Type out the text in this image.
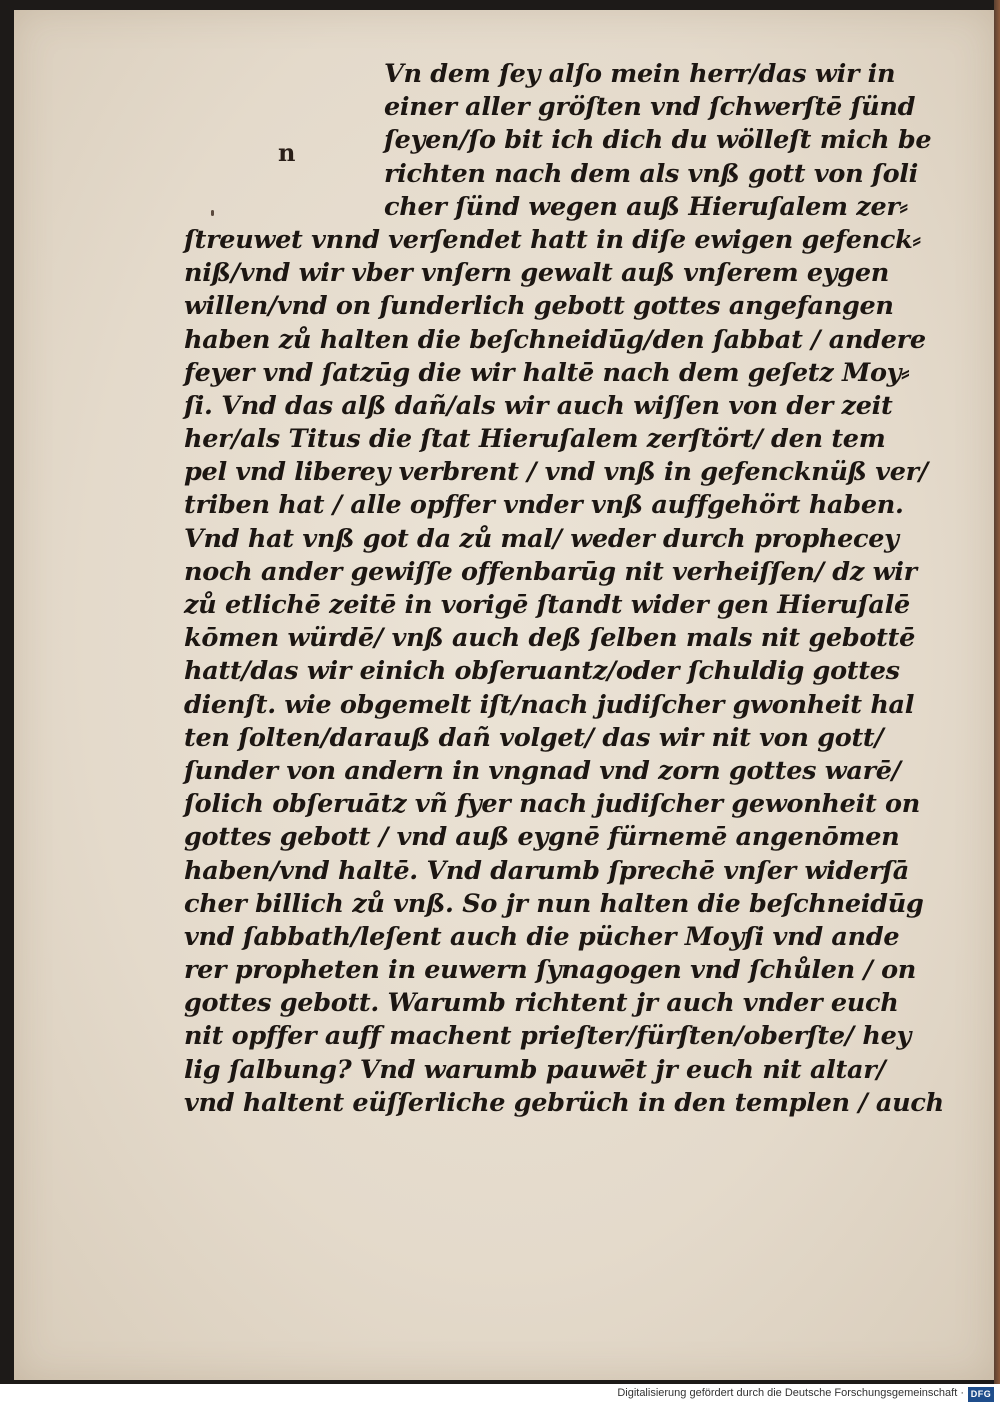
n
Vn dem ſey alſo mein herr/das wir in
einer aller gröſten vnd ſchwerſtē ſünd
ſeyen/ſo bit ich dich du wölleſt mich be
richten nach dem als vnß gott von ſoli
cher ſünd wegen auß Hieruſalem zer⸗
ſtreuwet vnnd verſendet hatt in diſe ewigen gefenck⸗
niß/vnd wir vber vnſern gewalt auß vnſerem eygen
willen/vnd on ſunderlich gebott gottes angefangen
haben zů halten die beſchneidūg/den ſabbat / andere
feyer vnd ſatzūg die wir haltē nach dem geſetz Moy⸗
ſi. Vnd das alß dañ/als wir auch wiſſen von der zeit
her/als Titus die ſtat Hieruſalem zerſtört/ den tem
pel vnd liberey verbrent / vnd vnß in gefencknüß ver/
triben hat / alle opffer vnder vnß auffgehört haben.
Vnd hat vnß got da zů mal/ weder durch prophecey
noch ander gewiſſe offenbarūg nit verheiſſen/ dz wir
zů etlichē zeitē in vorigē ſtandt wider gen Hieruſalē
kōmen würdē/ vnß auch deß ſelben mals nit gebottē
hatt/das wir einich obſeruantz/oder ſchuldig gottes
dienſt. wie obgemelt iſt/nach judiſcher gwonheit hal
ten ſolten/darauß dañ volget/ das wir nit von gott/
ſunder von andern in vngnad vnd zorn gottes warē/
ſolich obſeruātz vñ fyer nach judiſcher gewonheit on
gottes gebott / vnd auß eygnē fürnemē angenōmen
haben/vnd haltē. Vnd darumb ſprechē vnſer widerſā
cher billich zů vnß. So jr nun halten die beſchneidūg
vnd ſabbath/leſent auch die pücher Moyſi vnd ande
rer propheten in euwern ſynagogen vnd ſchůlen / on
gottes gebott. Warumb richtent jr auch vnder euch
nit opffer auff machent prieſter/fürſten/oberſte/ hey
lig ſalbung? Vnd warumb pauwēt jr euch nit altar/
vnd haltent eüſſerliche gebrüch in den templen / auch
Digitalisierung gefördert durch die Deutsche Forschungsgemeinschaft · DFG
